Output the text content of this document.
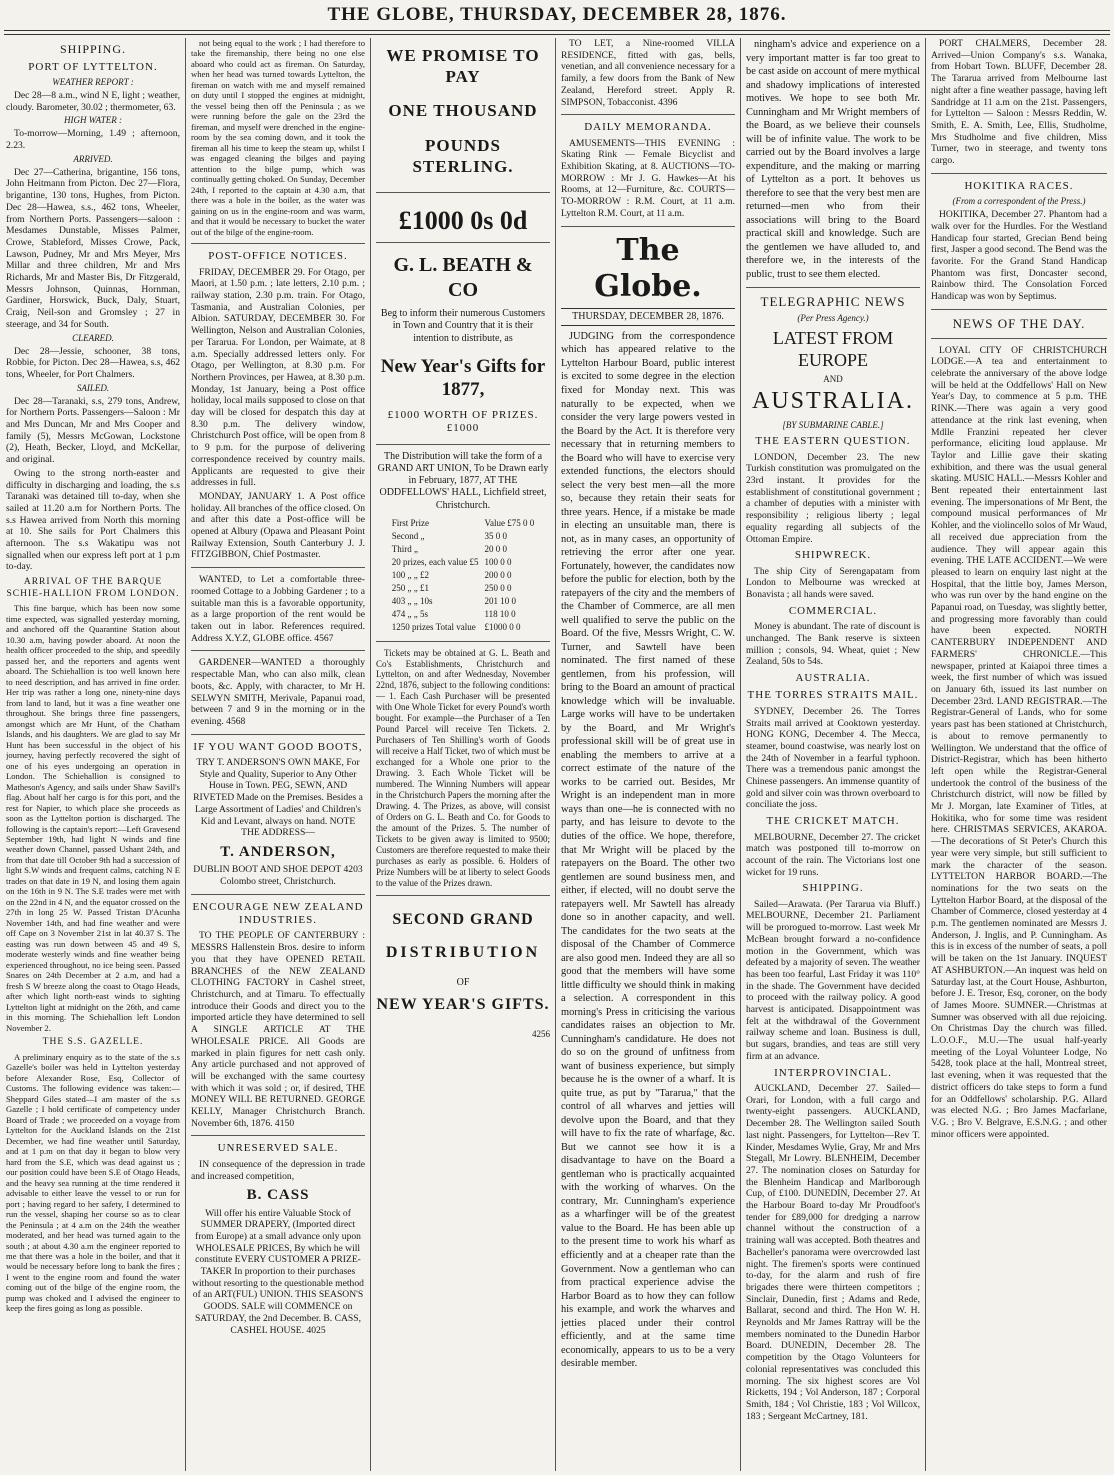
THE GLOBE, THURSDAY, DECEMBER 28, 1876.
SHIPPING.
PORT OF LYTTELTON.
WEATHER REPORT :

Dec 28—8 a.m., wind N E, light ; weather, cloudy. Barometer, 30.02 ; thermometer, 63.

HIGH WATER :

To-morrow—Morning, 1.49 ; afternoon, 2.23.

ARRIVED.

Dec 27—Catherina, brigantine, 156 tons, John Heitmann from Picton. Dec 27—Flora, brigantine, 130 tons, Hughes, from Picton. Dec 28—Hawea, s.s., 462 tons, Wheeler, from Northern Ports. Passengers—saloon : Mesdames Dunstable, Misses Palmer, Crowe, Stableford, Misses Crowe, Pack, Lawson, Pudney, Mr and Mrs Meyer, Mrs Millar and three children, Mr and Mrs Richards, Mr and Master Bis, Dr Fitzgerald, Messrs Johnson, Quinnas, Hornman, Gardiner, Horswick, Buck, Daly, Stuart, Craig, Neil-son and Gromsley ; 27 in steerage, and 34 for South.

CLEARED.

Dec 28—Jessie, schooner, 38 tons, Robbie, for Picton. Dec 28—Hawea, s.s, 462 tons, Wheeler, for Port Chalmers.

SAILED.

Dec 28—Taranaki, s.s, 279 tons, Andrew, for Northern Ports. Passengers—Saloon : Mr and Mrs Duncan, Mr and Mrs Cooper and family (5), Messrs McGowan, Lockstone (2), Heath, Becker, Lloyd, and McKellar, and original.

Owing to the strong north-easter and difficulty in discharging and loading, the s.s Taranaki was detained till to-day, when she sailed at 11.20 a.m for Northern Ports. The s.s Hawea arrived from North this morning at 10. She sails for Port Chalmers this afternoon. The s.s Wakatipu was not signalled when our express left port at 1 p.m to-day.

ARRIVAL OF THE BARQUE SCHIE-HALLION FROM LONDON.

This fine barque, which has been now some time expected, was signalled yesterday morning, and anchored off the Quarantine Station about 10.30 a.m, having powder aboard. At noon the health officer proceeded to the ship, and speedily passed her, and the reporters and agents went aboard. The Schiehallion is too well known here to need description, and has arrived in fine order. Her trip was rather a long one, ninety-nine days from land to land, but it was a fine weather one throughout. She brings three fine passengers, amongst which are Mr Hunt, of the Chatham Islands, and his daughters. We are glad to say Mr Hunt has been successful in the object of his journey, having perfectly recovered the sight of one of his eyes undergoing an operation in London. The Schiehallion is consigned to Matheson's Agency, and sails under Shaw Savill's flag. About half her cargo is for this port, and the rest for Napier, to which place she proceeds as soon as the Lyttelton portion is discharged. The following is the captain's report:—Left Gravesend September 19th, had light N winds and fine weather down Channel, passed Ushant 24th, and from that date till October 9th had a succession of light S.W winds and frequent calms, catching N E trades on that date in 19 N, and losing them again on the 16th in 9 N. The S.E trades were met with on the 22nd in 4 N, and the equator crossed on the 27th in long 25 W. Passed Tristan D'Acunha November 14th, and had fine weather and were off Cape on 3 November 21st in lat 40.37 S. The easting was run down between 45 and 49 S, moderate westerly winds and fine weather being experienced throughout, no ice being seen. Passed Snares on 24th December at 2 a.m, and had a fresh S W breeze along the coast to Otago Heads, after which light north-east winds to sighting Lyttelton light at midnight on the 26th, and came in this morning. The Schiehallion left London November 2.

THE S.S. GAZELLE.

A preliminary enquiry as to the state of the s.s Gazelle's boiler was held in Lyttelton yesterday before Alexander Rose, Esq, Collector of Customs. The following evidence was taken:—Sheppard Giles stated—I am master of the s.s Gazelle ; I hold certificate of competency under Board of Trade ; we proceeded on a voyage from Lyttelton for the Auckland Islands on the 21st December, we had fine weather until Saturday, and at 1 p.m on that day it began to blow very hard from the S.E, which was dead against us ; our position could have been S.E of Otago Heads, and the heavy sea running at the time rendered it advisable to either leave the vessel to or run for port ; having regard to her safety, I determined to run the vessel, shaping her course so as to clear the Peninsula ; at 4 a.m on the 24th the weather moderated, and her head was turned again to the south ; at about 4.30 a.m the engineer reported to me that there was a hole in the boiler, and that it would be necessary before long to bank the fires ; I went to the engine room and found the water coming out of the bilge of the engine room, the pump was choked and I advised the engineer to keep the fires going as long as possible.

not being equal to the work ; I had therefore to take the firemanship, there being no one else aboard who could act as fireman. On Saturday, when her head was turned towards Lyttelton, the fireman on watch with me and myself remained on duty until I stopped the engines at midnight, the vessel being then off the Peninsula ; as we were running before the gale on the 23rd the fireman, and myself were drenched in the engine-room by the sea coming down, and it took the fireman all his time to keep the steam up, whilst I was engaged cleaning the bilges and paying attention to the bilge pump, which was continually getting choked. On Sunday, December 24th, I reported to the captain at 4.30 a.m, that there was a hole in the boiler, as the water was gaining on us in the engine-room and was warm, and that it would be necessary to bucket the water out of the bilge of the engine-room.

POST-OFFICE NOTICES.

FRIDAY, DECEMBER 29. For Otago, per Maori, at 1.50 p.m. ; late letters, 2.10 p.m. ; railway station, 2.30 p.m. train. For Otago, Tasmania, and Australian Colonies, per Albion. SATURDAY, DECEMBER 30. For Wellington, Nelson and Australian Colonies, per Tararua. For London, per Waimate, at 8 a.m. Specially addressed letters only. For Otago, per Wellington, at 8.30 p.m. For Northern Provinces, per Hawea, at 8.30 p.m. Monday, 1st January, being a Post office holiday, local mails supposed to close on that day will be closed for despatch this day at 8.30 p.m. The delivery window, Christchurch Post office, will be open from 8 to 9 p.m. for the purpose of delivering correspondence received by country mails. Applicants are requested to give their addresses in full.

MONDAY, JANUARY 1. A Post office holiday. All branches of the office closed. On and after this date a Post-office will be opened at Albury (Opawa and Pleasant Point Railway Extension, South Canterbury J. J. FITZGIBBON, Chief Postmaster.

WANTED, to Let a comfortable three-roomed Cottage to a Jobbing Gardener ; to a suitable man this is a favorable opportunity, as a large proportion of the rent would be taken out in labor. References required. Address X.Y.Z, GLOBE office. 4567

GARDENER—WANTED a thoroughly respectable Man, who can also milk, clean boots, &c. Apply, with character, to Mr H. SELWYN SMITH, Merivale, Papanui road, between 7 and 9 in the morning or in the evening. 4568

IF YOU WANT GOOD BOOTS,

TRY T. ANDERSON'S OWN MAKE, For Style and Quality, Superior to Any Other House in Town. PEG, SEWN, AND RIVETED Made on the Premises. Besides a Large Assortment of Ladies' and Children's Kid and Levant, always on hand. NOTE THE ADDRESS—

T. ANDERSON,

DUBLIN BOOT AND SHOE DEPOT 4203 Colombo street, Christchurch.

ENCOURAGE NEW ZEALAND INDUSTRIES.

TO THE PEOPLE OF CANTERBURY : MESSRS Hallenstein Bros. desire to inform you that they have OPENED RETAIL BRANCHES of the NEW ZEALAND CLOTHING FACTORY in Cashel street, Christchurch, and at Timaru. To effectually introduce their Goods and direct you to the imported article they have determined to sell A SINGLE ARTICLE AT THE WHOLESALE PRICE. All Goods are marked in plain figures for nett cash only. Any article purchased and not approved of will be exchanged with the same courtesy with which it was sold ; or, if desired, THE MONEY WILL BE RETURNED. GEORGE KELLY, Manager Christchurch Branch. November 6th, 1876. 4150

UNRESERVED SALE.

IN consequence of the depression in trade and increased competition,

B. CASS

Will offer his entire Valuable Stock of SUMMER DRAPERY, (Imported direct from Europe) at a small advance only upon WHOLESALE PRICES, By which he will constitute EVERY CUSTOMER A PRIZE-TAKER In proportion to their purchases without resorting to the questionable method of an ART(FUL) UNION. THIS SEASON'S GOODS. SALE will COMMENCE on SATURDAY, the 2nd December. B. CASS, CASHEL HOUSE. 4025

WE PROMISE TO PAY
ONE THOUSAND
POUNDS STERLING.
£1000 0s 0d
G. L. BEATH & CO

Beg to inform their numerous Customers in Town and Country that it is their intention to distribute, as

New Year's Gifts for 1877,
£1000 WORTH OF PRIZES. £1000

The Distribution will take the form of a GRAND ART UNION, To be Drawn early in February, 1877, AT THE ODDFELLOWS' HALL, Lichfield street, Christchurch.

First Prize	Value £75 0 0
Second „	35 0 0
Third „	20 0 0
20 prizes, each value £5	100 0 0
100 „ „ £2	200 0 0
250 „ „ £1	250 0 0
403 „ „ 10s	201 10 0
474 „ „ 5s	118 10 0
1250 prizes Total value	£1000 0 0

Tickets may be obtained at G. L. Beath and Co's Establishments, Christchurch and Lyttelton, on and after Wednesday, November 22nd, 1876, subject to the following conditions:— 1. Each Cash Purchaser will be presented with One Whole Ticket for every Pound's worth bought. For example—the Purchaser of a Ten Pound Parcel will receive Ten Tickets. 2. Purchasers of Ten Shilling's worth of Goods will receive a Half Ticket, two of which must be exchanged for a Whole one prior to the Drawing. 3. Each Whole Ticket will be numbered. The Winning Numbers will appear in the Christchurch Papers the morning after the Drawing. 4. The Prizes, as above, will consist of Orders on G. L. Beath and Co. for Goods to the amount of the Prizes. 5. The number of Tickets to be given away is limited to 9500; Customers are therefore requested to make their purchases as early as possible. 6. Holders of Prize Numbers will be at liberty to select Goods to the value of the Prizes drawn.

SECOND GRAND
DISTRIBUTION
OF
NEW YEAR'S GIFTS.
4256

TO LET, a Nine-roomed VILLA RESIDENCE, fitted with gas, bells, venetian, and all convenience necessary for a family, a few doors from the Bank of New Zealand, Hereford street. Apply R. SIMPSON, Tobacconist. 4396

DAILY MEMORANDA.

AMUSEMENTS—THIS EVENING : Skating Rink — Female Bicyclist and Exhibition Skating, at 8. AUCTIONS—TO-MORROW : Mr J. G. Hawkes—At his Rooms, at 12—Furniture, &c. COURTS—TO-MORROW : R.M. Court, at 11 a.m. Lyttelton R.M. Court, at 11 a.m.

The Globe.
THURSDAY, DECEMBER 28, 1876.

JUDGING from the correspondence which has appeared relative to the Lyttelton Harbour Board, public interest is excited to some degree in the election fixed for Monday next. This was naturally to be expected, when we consider the very large powers vested in the Board by the Act. It is therefore very necessary that in returning members to the Board who will have to exercise very extended functions, the electors should select the very best men—all the more so, because they retain their seats for three years. Hence, if a mistake be made in electing an unsuitable man, there is not, as in many cases, an opportunity of retrieving the error after one year. Fortunately, however, the candidates now before the public for election, both by the ratepayers of the city and the members of the Chamber of Commerce, are all men well qualified to serve the public on the Board. Of the five, Messrs Wright, C. W. Turner, and Sawtell have been nominated. The first named of these gentlemen, from his profession, will bring to the Board an amount of practical knowledge which will be invaluable. Large works will have to be undertaken by the Board, and Mr Wright's professional skill will be of great use in enabling the members to arrive at a correct estimate of the nature of the works to be carried out. Besides, Mr Wright is an independent man in more ways than one—he is connected with no party, and has leisure to devote to the duties of the office. We hope, therefore, that Mr Wright will be placed by the ratepayers on the Board. The other two gentlemen are sound business men, and either, if elected, will no doubt serve the ratepayers well. Mr Sawtell has already done so in another capacity, and well. The candidates for the two seats at the disposal of the Chamber of Commerce are also good men. Indeed they are all so good that the members will have some little difficulty we should think in making a selection. A correspondent in this morning's Press in criticising the various candidates raises an objection to Mr. Cunningham's candidature. He does not do so on the ground of unfitness from want of business experience, but simply because he is the owner of a wharf. It is quite true, as put by "Tararua," that the control of all wharves and jetties will devolve upon the Board, and that they will have to fix the rate of wharfage, &c. But we cannot see how it is a disadvantage to have on the Board a gentleman who is practically acquainted with the working of wharves. On the contrary, Mr. Cunningham's experience as a wharfinger will be of the greatest value to the Board. He has been able up to the present time to work his wharf as efficiently and at a cheaper rate than the Government. Now a gentleman who can from practical experience advise the Harbor Board as to how they can follow his example, and work the wharves and jetties placed under their control efficiently, and at the same time economically, appears to us to be a very desirable member.

ningham's advice and experience on a very important matter is far too great to be cast aside on account of mere mythical and shadowy implications of interested motives. We hope to see both Mr. Cunningham and Mr Wright members of the Board, as we believe their counsels will be of infinite value. The work to be carried out by the Board involves a large expenditure, and the making or marring of Lyttelton as a port. It behoves us therefore to see that the very best men are returned—men who from their associations will bring to the Board practical skill and knowledge. Such are the gentlemen we have alluded to, and therefore we, in the interests of the public, trust to see them elected.

TELEGRAPHIC NEWS
(Per Press Agency.)
LATEST FROM EUROPE
AND
AUSTRALIA.
[BY SUBMARINE CABLE.]
THE EASTERN QUESTION.

LONDON, December 23. The new Turkish constitution was promulgated on the 23rd instant. It provides for the establishment of constitutional government ; a chamber of deputies with a minister with responsibility ; religious liberty ; legal equality regarding all subjects of the Ottoman Empire.

SHIPWRECK.

The ship City of Serengapatam from London to Melbourne was wrecked at Bonavista ; all hands were saved.

COMMERCIAL.

Money is abundant. The rate of discount is unchanged. The Bank reserve is sixteen million ; consols, 94. Wheat, quiet ; New Zealand, 50s to 54s.

AUSTRALIA.
THE TORRES STRAITS MAIL.

SYDNEY, December 26. The Torres Straits mail arrived at Cooktown yesterday. HONG KONG, December 4. The Mecca, steamer, bound coastwise, was nearly lost on the 24th of November in a fearful typhoon. There was a tremendous panic amongst the Chinese passengers. An immense quantity of gold and silver coin was thrown overboard to conciliate the joss.

THE CRICKET MATCH.

MELBOURNE, December 27. The cricket match was postponed till to-morrow on account of the rain. The Victorians lost one wicket for 19 runs.

SHIPPING.

Sailed—Arawata. (Per Tararua via Bluff.) MELBOURNE, December 21. Parliament will be prorogued to-morrow. Last week Mr McBean brought forward a no-confidence motion in the Government, which was defeated by a majority of seven. The weather has been too fearful, Last Friday it was 110° in the shade. The Government have decided to proceed with the railway policy. A good harvest is anticipated. Disappointment was felt at the withdrawal of the Government railway scheme and loan. Business is dull, but sugars, brandies, and teas are still very firm at an advance.

INTERPROVINCIAL.

AUCKLAND, December 27. Sailed—Orari, for London, with a full cargo and twenty-eight passengers. AUCKLAND, December 28. The Wellington sailed South last night. Passengers, for Lyttelton—Rev T. Kinder, Mesdames Wylie, Gray, Mr and Mrs Stegall, Mr Lowry. BLENHEIM, December 27. The nomination closes on Saturday for the Blenheim Handicap and Marlborough Cup, of £100. DUNEDIN, December 27. At the Harbour Board to-day Mr Proudfoot's tender for £89,000 for dredging a narrow channel without the construction of a training wall was accepted. Both theatres and Bacheller's panorama were overcrowded last night. The firemen's sports were continued to-day, for the alarm and rush of fire brigades there were thirteen competitors ; Sinclair, Dunedin, first ; Adams and Rede, Ballarat, second and third. The Hon W. H. Reynolds and Mr James Rattray will be the members nominated to the Dunedin Harbor Board. DUNEDIN, December 28. The competition by the Otago Volunteers for colonial representatives was concluded this morning. The six highest scores are Vol Ricketts, 194 ; Vol Anderson, 187 ; Corporal Smith, 184 ; Vol Christie, 183 ; Vol Willcox, 183 ; Sergeant McCartney, 181.

PORT CHALMERS, December 28. Arrived—Union Company's s.s. Wanaka, from Hobart Town. BLUFF, December 28. The Tararua arrived from Melbourne last night after a fine weather passage, having left Sandridge at 11 a.m on the 21st. Passengers, for Lyttelton — Saloon : Messrs Reddin, W. Smith, E. A. Smith, Lee, Ellis, Studholme, Mrs Studholme and five children, Miss Turner, two in steerage, and twenty tons cargo.

HOKITIKA RACES.
(From a correspondent of the Press.)

HOKITIKA, December 27. Phantom had a walk over for the Hurdles. For the Westland Handicap four started, Grecian Bend being first, Jasper a good second. The Bend was the favorite. For the Grand Stand Handicap Phantom was first, Doncaster second, Rainbow third. The Consolation Forced Handicap was won by Septimus.

NEWS OF THE DAY.

LOYAL CITY OF CHRISTCHURCH LODGE.—A tea and entertainment to celebrate the anniversary of the above lodge will be held at the Oddfellows' Hall on New Year's Day, to commence at 5 p.m. THE RINK.—There was again a very good attendance at the rink last evening, when Mdlle Franzini repeated her clever performance, eliciting loud applause. Mr Taylor and Lillie gave their skating exhibition, and there was the usual general skating. MUSIC HALL.—Messrs Kohler and Bent repeated their entertainment last evening. The impersonations of Mr Bent, the compound musical performances of Mr Kohler, and the violincello solos of Mr Waud, all received due appreciation from the audience. They will appear again this evening. THE LATE ACCIDENT.—We were pleased to learn on enquiry last night at the Hospital, that the little boy, James Merson, who was run over by the hand engine on the Papanui road, on Tuesday, was slightly better, and progressing more favorably than could have been expected. NORTH CANTERBURY INDEPENDENT AND FARMERS' CHRONICLE.—This newspaper, printed at Kaiapoi three times a week, the first number of which was issued on January 6th, issued its last number on December 23rd. LAND REGISTRAR.—The Registrar-General of Lands, who for some years past has been stationed at Christchurch, is about to remove permanently to Wellington. We understand that the office of District-Registrar, which has been hitherto left open while the Registrar-General undertook the control of the business of the Christchurch district, will now be filled by Mr J. Morgan, late Examiner of Titles, at Hokitika, who for some time was resident here. CHRISTMAS SERVICES, AKAROA.—The decorations of St Peter's Church this year were very simple, but still sufficient to mark the character of the season. LYTTELTON HARBOR BOARD.—The nominations for the two seats on the Lyttelton Harbor Board, at the disposal of the Chamber of Commerce, closed yesterday at 4 p.m. The gentlemen nominated are Messrs J. Anderson, J. Inglis, and P. Cunningham. As this is in excess of the number of seats, a poll will be taken on the 1st January. INQUEST AT ASHBURTON.—An inquest was held on Saturday last, at the Court House, Ashburton, before J. E. Tresor, Esq, coroner, on the body of James Moore. SUMNER.—Christmas at Sumner was observed with all due rejoicing. On Christmas Day the church was filled. L.O.O.F., M.U.—The usual half-yearly meeting of the Loyal Volunteer Lodge, No 5428, took place at the hall, Montreal street, last evening, when it was requested that the district officers do take steps to form a fund for an Oddfellows' scholarship. P.G. Allard was elected N.G. ; Bro James Macfarlane, V.G. ; Bro V. Belgrave, E.S.N.G. ; and other minor officers were appointed.
